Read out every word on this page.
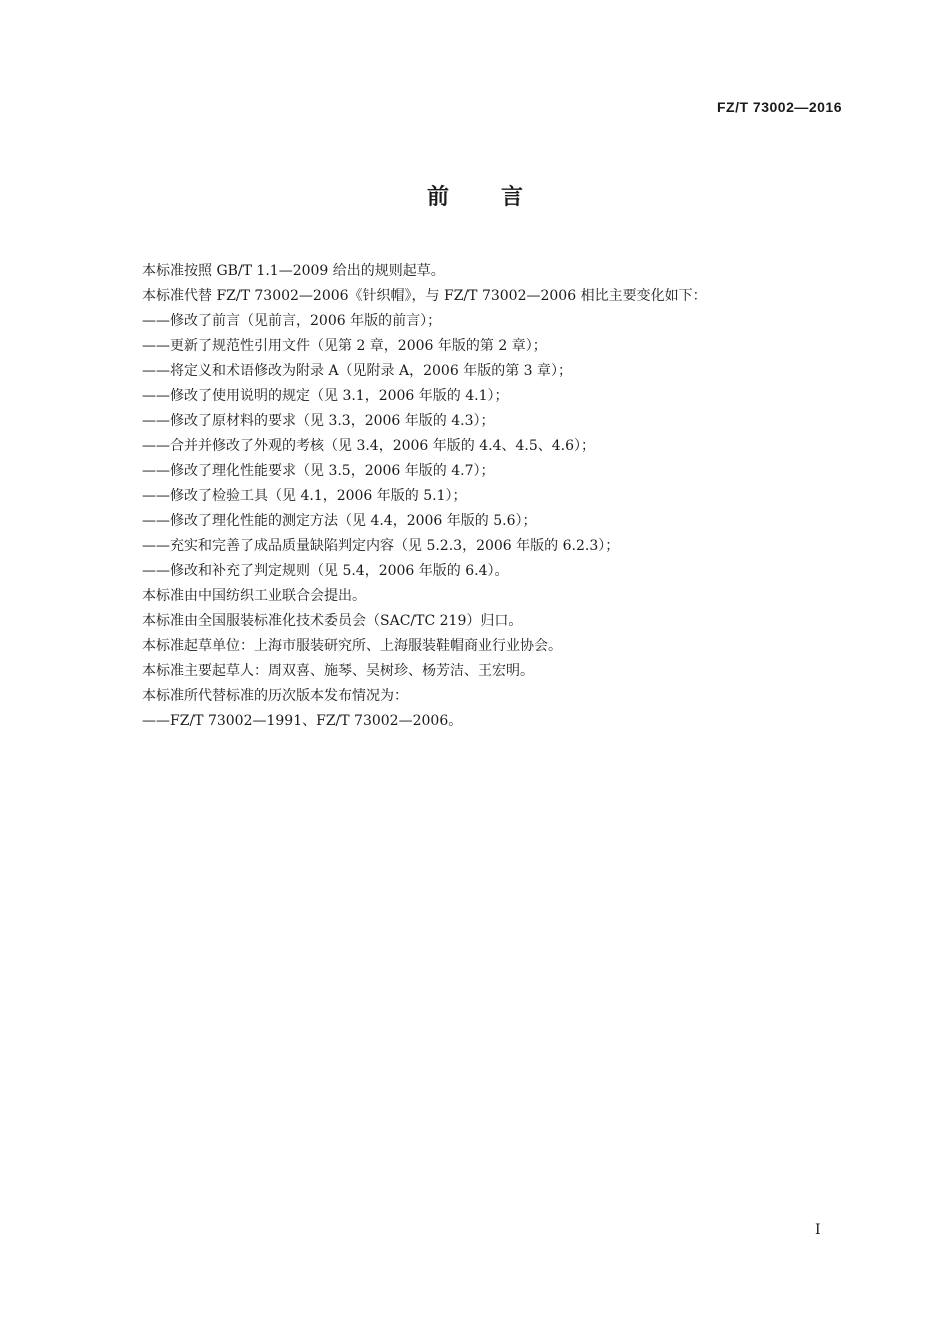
FZ/T 73002—2016
前言

本标准按照 GB/T 1.1—2009 给出的规则起草。

本标准代替 FZ/T 73002—2006《针织帽》，与 FZ/T 73002—2006 相比主要变化如下：

——修改了前言（见前言，2006 年版的前言）；

——更新了规范性引用文件（见第 2 章，2006 年版的第 2 章）；

——将定义和术语修改为附录 A（见附录 A，2006 年版的第 3 章）；

——修改了使用说明的规定（见 3.1，2006 年版的 4.1）；

——修改了原材料的要求（见 3.3，2006 年版的 4.3）；

——合并并修改了外观的考核（见 3.4，2006 年版的 4.4、4.5、4.6）；

——修改了理化性能要求（见 3.5，2006 年版的 4.7）；

——修改了检验工具（见 4.1，2006 年版的 5.1）；

——修改了理化性能的测定方法（见 4.4，2006 年版的 5.6）；

——充实和完善了成品质量缺陷判定内容（见 5.2.3，2006 年版的 6.2.3）；

——修改和补充了判定规则（见 5.4，2006 年版的 6.4）。

本标准由中国纺织工业联合会提出。

本标准由全国服装标准化技术委员会（SAC/TC 219）归口。

本标准起草单位：上海市服装研究所、上海服装鞋帽商业行业协会。

本标准主要起草人：周双喜、施琴、吴树珍、杨芳洁、王宏明。

本标准所代替标准的历次版本发布情况为：

——FZ/T 73002—1991、FZ/T 73002—2006。

I
